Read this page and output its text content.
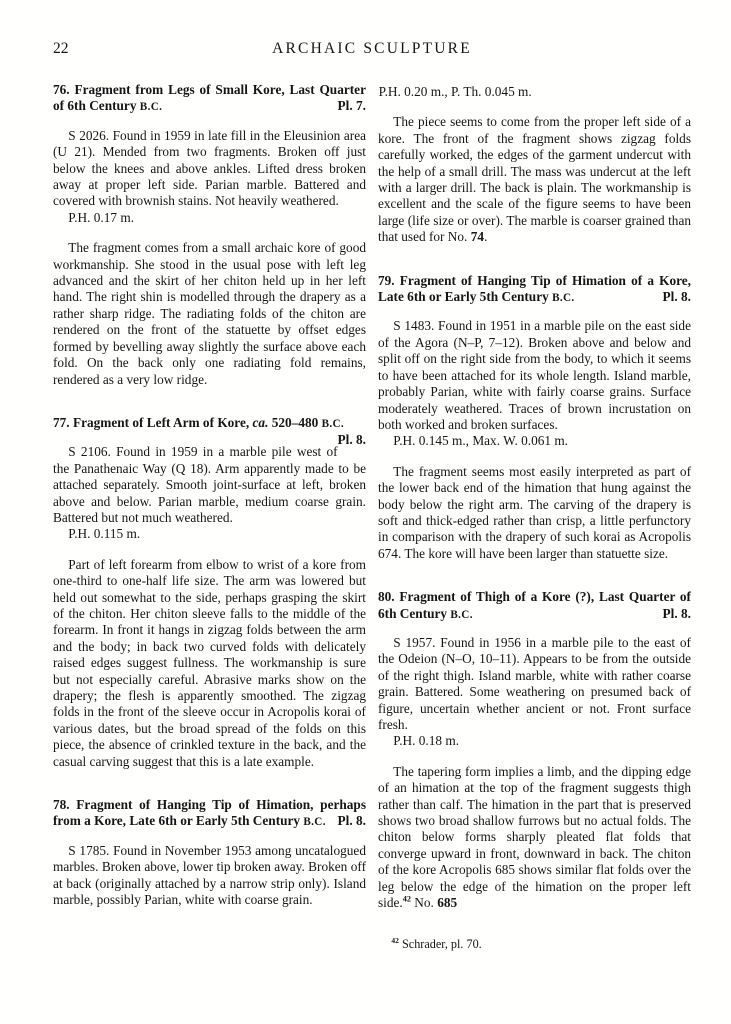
22	ARCHAIC SCULPTURE
76. Fragment from Legs of Small Kore, Last Quarter of 6th Century B.C.	Pl. 7.

S 2026. Found in 1959 in late fill in the Eleusinion area (U 21). Mended from two fragments. Broken off just below the knees and above ankles. Lifted dress broken away at proper left side. Parian marble. Battered and covered with brownish stains. Not heavily weathered.

P.H. 0.17 m.

The fragment comes from a small archaic kore of good workmanship. She stood in the usual pose with left leg advanced and the skirt of her chiton held up in her left hand. The right shin is modelled through the drapery as a rather sharp ridge. The radiating folds of the chiton are rendered on the front of the statuette by offset edges formed by bevelling away slightly the surface above each fold. On the back only one radiating fold remains, rendered as a very low ridge.

77. Fragment of Left Arm of Kore, ca. 520–480 B.C.
Pl. 8.

S 2106. Found in 1959 in a marble pile west of the Panathenaic Way (Q 18). Arm apparently made to be attached separately. Smooth joint-surface at left, broken above and below. Parian marble, medium coarse grain. Battered but not much weathered.

P.H. 0.115 m.

Part of left forearm from elbow to wrist of a kore from one-third to one-half life size. The arm was lowered but held out somewhat to the side, perhaps grasping the skirt of the chiton. Her chiton sleeve falls to the middle of the forearm. In front it hangs in zigzag folds between the arm and the body; in back two curved folds with delicately raised edges suggest fullness. The workmanship is sure but not especially careful. Abrasive marks show on the drapery; the flesh is apparently smoothed. The zigzag folds in the front of the sleeve occur in Acropolis korai of various dates, but the broad spread of the folds on this piece, the absence of crinkled texture in the back, and the casual carving suggest that this is a late example.

78. Fragment of Hanging Tip of Himation, perhaps from a Kore, Late 6th or Early 5th Century B.C. Pl. 8.

S 1785. Found in November 1953 among uncatalogued marbles. Broken above, lower tip broken away. Broken off at back (originally attached by a narrow strip only). Island marble, possibly Parian, white with coarse grain.

P.H. 0.20 m., P. Th. 0.045 m.

The piece seems to come from the proper left side of a kore. The front of the fragment shows zigzag folds carefully worked, the edges of the garment undercut with the help of a small drill. The mass was undercut at the left with a larger drill. The back is plain. The workmanship is excellent and the scale of the figure seems to have been large (life size or over). The marble is coarser grained than that used for No. 74.

79. Fragment of Hanging Tip of Himation of a Kore, Late 6th or Early 5th Century B.C.	Pl. 8.

S 1483. Found in 1951 in a marble pile on the east side of the Agora (N–P, 7–12). Broken above and below and split off on the right side from the body, to which it seems to have been attached for its whole length. Island marble, probably Parian, white with fairly coarse grains. Surface moderately weathered. Traces of brown incrustation on both worked and broken surfaces.

P.H. 0.145 m., Max. W. 0.061 m.

The fragment seems most easily interpreted as part of the lower back end of the himation that hung against the body below the right arm. The carving of the drapery is soft and thick-edged rather than crisp, a little perfunctory in comparison with the drapery of such korai as Acropolis 674. The kore will have been larger than statuette size.

80. Fragment of Thigh of a Kore (?), Last Quarter of 6th Century B.C.	Pl. 8.

S 1957. Found in 1956 in a marble pile to the east of the Odeion (N–O, 10–11). Appears to be from the outside of the right thigh. Island marble, white with rather coarse grain. Battered. Some weathering on presumed back of figure, uncertain whether ancient or not. Front surface fresh.

P.H. 0.18 m.

The tapering form implies a limb, and the dipping edge of an himation at the top of the fragment suggests thigh rather than calf. The himation in the part that is preserved shows two broad shallow furrows but no actual folds. The chiton below forms sharply pleated flat folds that converge upward in front, downward in back. The chiton of the kore Acropolis 685 shows similar flat folds over the leg below the edge of the himation on the proper left side.$^{42}$ No. 685

$^{42}$ Schrader, pl. 70.
